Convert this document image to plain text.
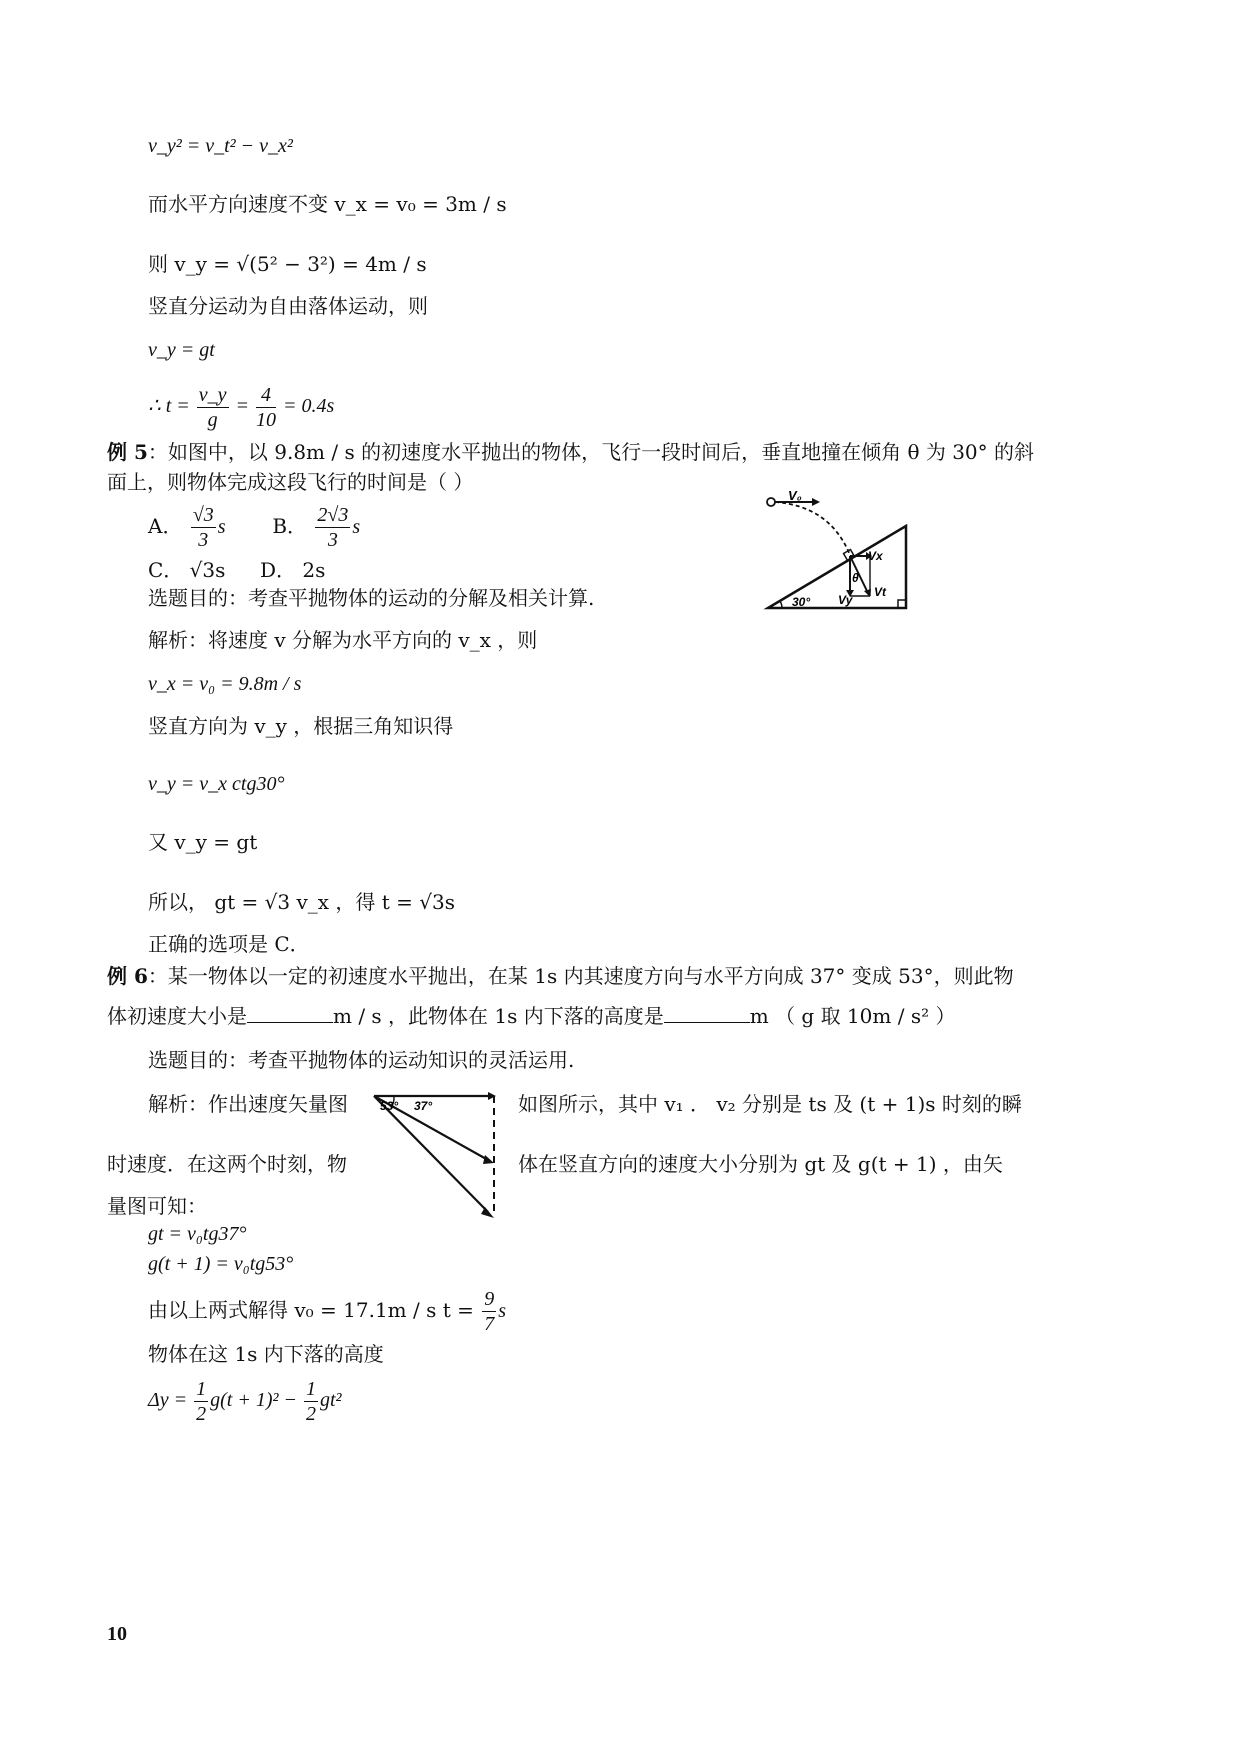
v_y² = v_t² − v_x²
而水平方向速度不变 v_x = v₀ = 3m / s
则 v_y = √(5² − 3²) = 4m / s
竖直分运动为自由落体运动，则
v_y = gt
∴ $t = \frac{v\_y}{g} = \frac{4}{10} = 0.4s$
例 5：如图中，以 9.8m / s 的初速度水平抛出的物体，飞行一段时间后，垂直地撞在倾角 θ 为 30° 的斜
面上，则物体完成这段飞行的时间是（ ）
A． $\frac{√3}{3}$ s B． $\frac{2√3}{3}$ s
C． √3s D． 2s
选题目的：考查平抛物体的运动的分解及相关计算.
解析：将速度 v 分解为水平方向的 v_x ，则
v_x = v₀ = 9.8m / s
竖直方向为 v_y ，根据三角知识得
v_y = v_x ctg30°
又 v_y = gt
所以， gt = √3 v_x ，得 t = √3s
正确的选项是 C．
V₀
Vx
Vy
Vt
θ
30°
例 6：某一物体以一定的初速度水平抛出，在某 1s 内其速度方向与水平方向成 37° 变成 53°，则此物
体初速度大小是	m / s ，此物体在 1s 内下落的高度是	m （ g 取 10m / s² ）
选题目的：考查平抛物体的运动知识的灵活运用.
解析：作出速度矢量图	如图所示，其中 v₁ ． v₂ 分别是 ts 及 (t + 1)s 时刻的瞬
时速度．在这两个时刻，物	体在竖直方向的速度大小分别为 gt 及 g(t + 1) ，由矢
量图可知：
gt = v₀tg37°
g(t + 1) = v₀tg53°
由以上两式解得 v₀ = 17.1m / s $t = \frac{9}{7}$ s
物体在这 1s 内下落的高度
$\Delta y = \frac{1}{2} g(t + 1)^2 - \frac{1}{2} gt^2$
53° 37°
10
